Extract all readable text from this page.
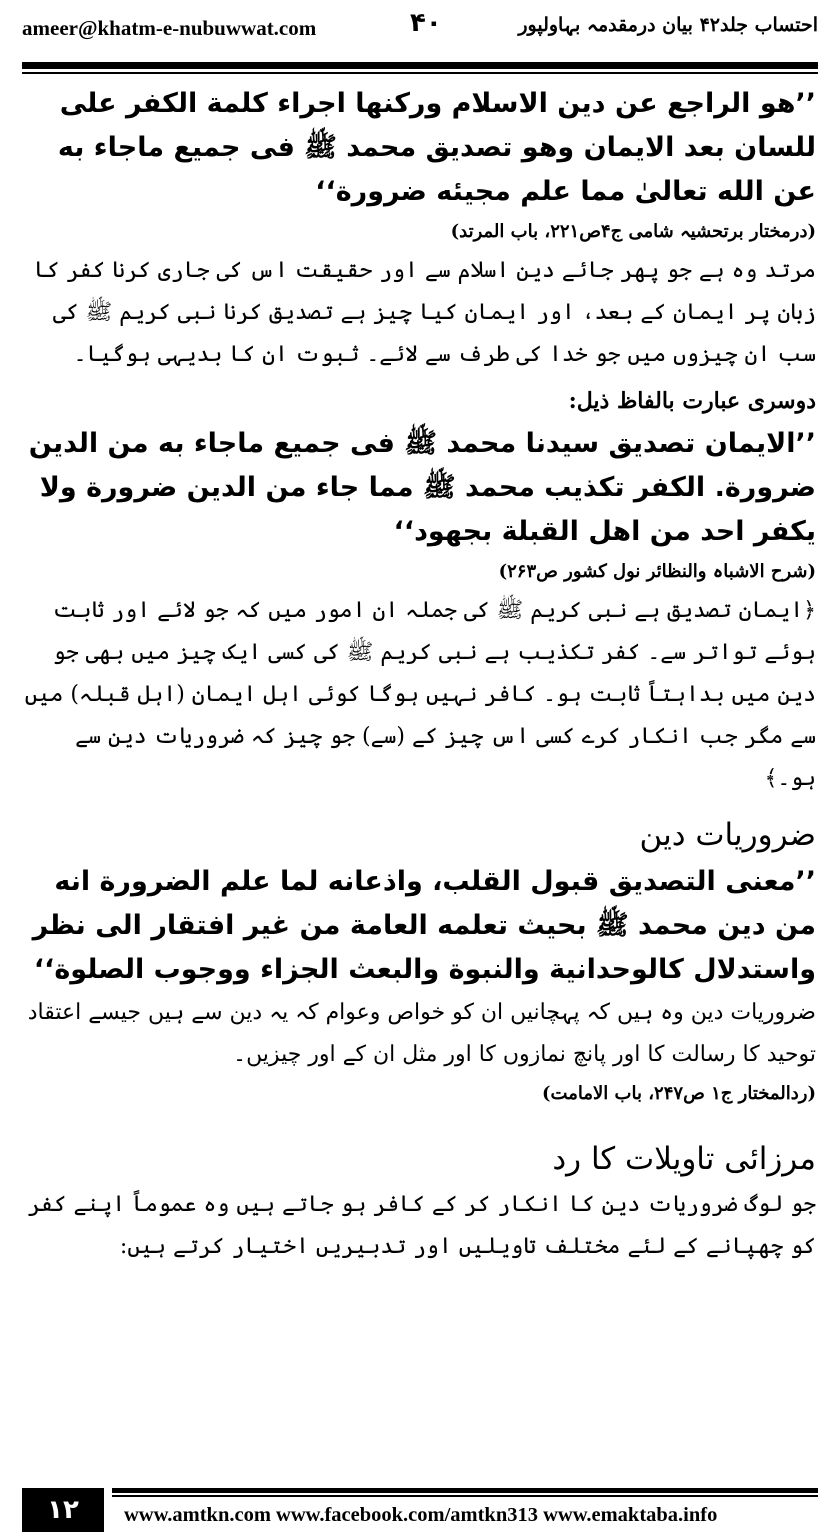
ameer@khatm-e-nubuwwat.com	۴۰	احتساب جلد۴۲ بیان درمقدمہ بہاولپور

’’هو الراجع عن دين الاسلام وركنها اجراء كلمة الكفر على للسان بعد الايمان وهو تصديق محمد ﷺ فى جميع ماجاء به عن الله تعالىٰ مما علم مجيئه ضرورة‘‘

(درمختار برتحشیہ شامی ج۴ص۲۲۱، باب المرتد)

مرتد وہ ہے جو پھر جائے دین اسلام سے اور حقیقت اس کی جاری کرنا کفر کا زبان پر ایمان کے بعد، اور ایمان کیا چیز ہے تصدیق کرنا نبی کریم ﷺ کی سب ان چیزوں میں جو خدا کی طرف سے لائے۔ ثبوت ان کا بدیہی ہوگیا۔

دوسری عبارت بالفاظ ذیل:

’’الايمان تصديق سيدنا محمد ﷺ فى جميع ماجاء به من الدين ضرورة. الكفر تكذيب محمد ﷺ مما جاء من الدين ضرورة ولا يكفر احد من اهل القبلة بجهود‘‘

(شرح الاشباہ والنظائر نول کشور ص۲۶۳)

﴿ایمان تصدیق ہے نبی کریم ﷺ کی جملہ ان امور میں کہ جو لائے اور ثابت ہوئے تواتر سے۔ کفر تکذیب ہے نبی کریم ﷺ کی کسی ایک چیز میں بھی جو دین میں بداہتاً ثابت ہو۔ کافر نہیں ہوگا کوئی اہل ایمان (اہل قبلہ) میں سے مگر جب انکار کرے کسی اس چیز کے (سے) جو چیز کہ ضروریات دین سے ہو۔﴾

ضروریات دین

’’معنى التصديق قبول القلب، واذعانه لما علم الضرورة انه من دين محمد ﷺ بحيث تعلمه العامة من غير افتقار الى نظر واستدلال كالوحدانية والنبوة والبعث الجزاء ووجوب الصلوة‘‘

ضروریات دین وہ ہیں کہ پہچانیں ان کو خواص وعوام کہ یہ دین سے ہیں جیسے اعتقاد توحید کا رسالت کا اور پانچ نمازوں کا اور مثل ان کے اور چیزیں۔

(ردالمختار ج۱ ص۲۴۷، باب الامامت)

مرزائی تاویلات کا رد

جو لوگ ضروریات دین کا انکار کر کے کافر ہو جاتے ہیں وہ عموماً اپنے کفر کو چھپانے کے لئے مختلف تاویلیں اور تدبیریں اختیار کرتے ہیں:

۱۲	www.amtkn.com www.facebook.com/amtkn313 www.emaktaba.info
